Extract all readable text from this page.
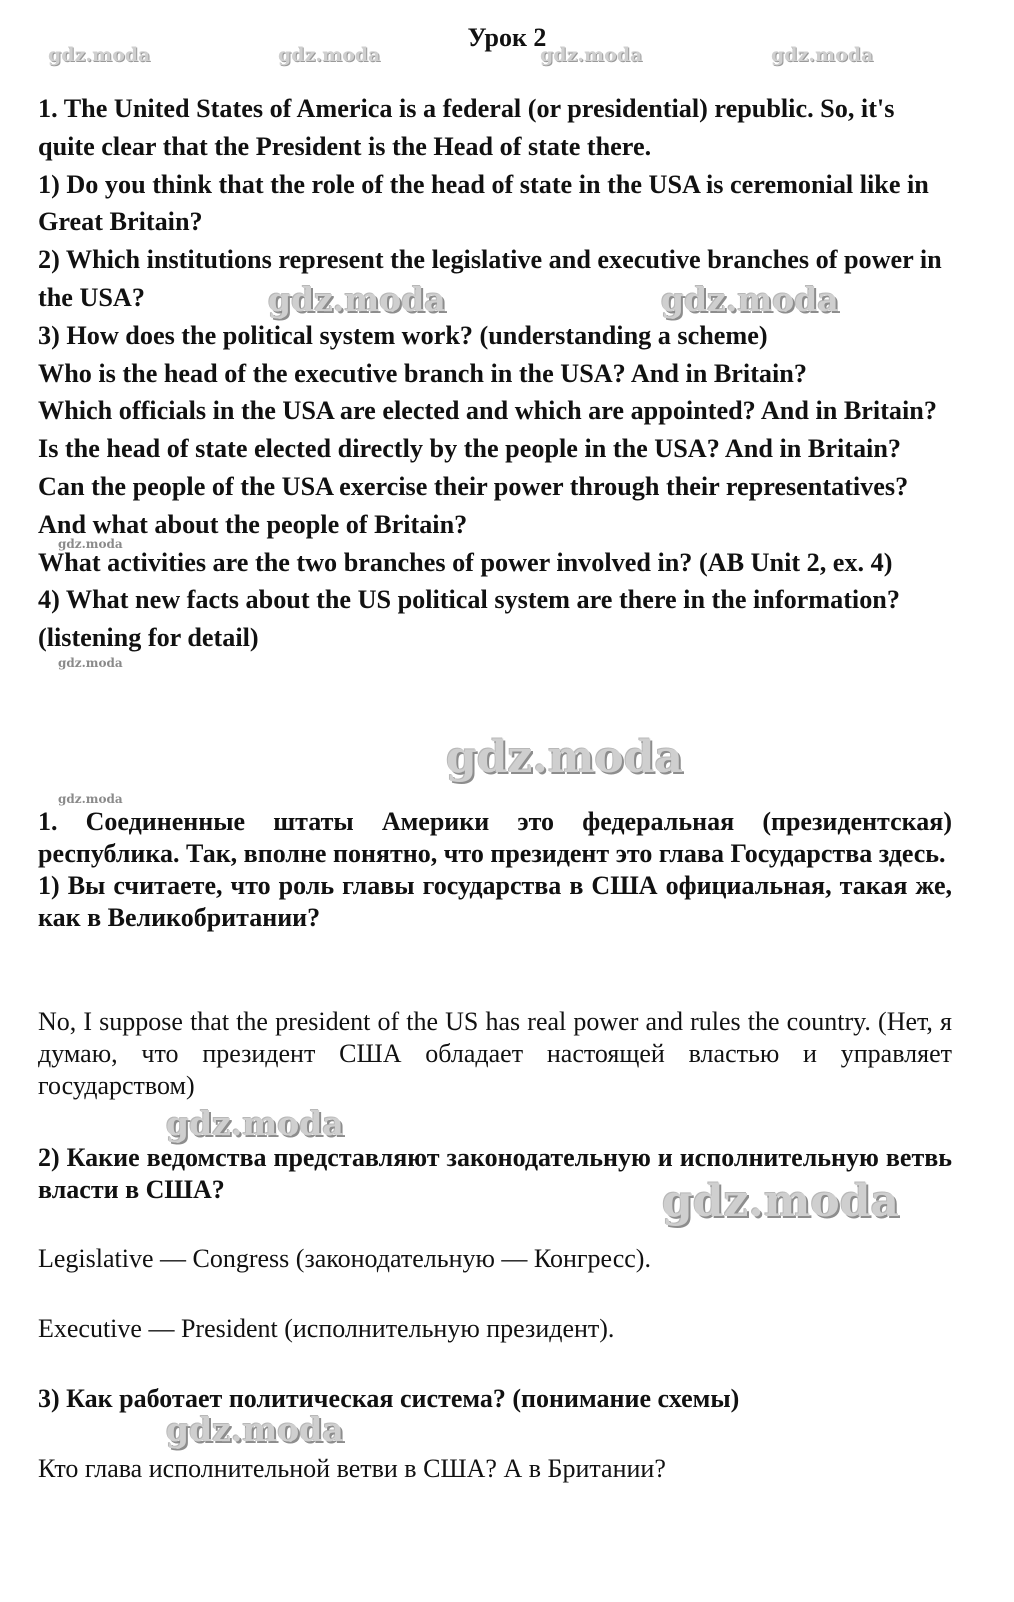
Урок 2
gdz.moda	gdz.moda	gdz.moda	gdz.moda
gdz.moda	gdz.moda
gdz.moda
gdz.moda
gdz.moda
gdz.moda
gdz.moda
gdz.moda
gdz.moda

1. The United States of America is a federal (or presidential) republic. So, it's quite clear that the President is the Head of state there.

1) Do you think that the role of the head of state in the USA is ceremonial like in Great Britain?

2) Which institutions represent the legislative and executive branches of power in the USA?

3) How does the political system work? (understanding a scheme)

Who is the head of the executive branch in the USA? And in Britain?

Which officials in the USA are elected and which are appointed? And in Britain?

Is the head of state elected directly by the people in the USA? And in Britain?

Can the people of the USA exercise their power through their representatives? And what about the people of Britain?

What activities are the two branches of power involved in? (AB Unit 2, ex. 4)

4) What new facts about the US political system are there in the information? (listening for detail)

1. Соединенные штаты Америки это федеральная (президентская) республика. Так, вполне понятно, что президент это глава Государства здесь.

1) Вы считаете, что роль главы государства в США официальная, такая же, как в Великобритании?

No, I suppose that the president of the US has real power and rules the country. (Нет, я думаю, что президент США обладает настоящей властью и управляет государством)

2) Какие ведомства представляют законодательную и исполнительную ветвь власти в США?

Legislative — Congress (законодательную — Конгресс).
Executive — President (исполнительную президент).
3) Как работает политическая система? (понимание схемы)
Кто глава исполнительной ветви в США? А в Британии?
